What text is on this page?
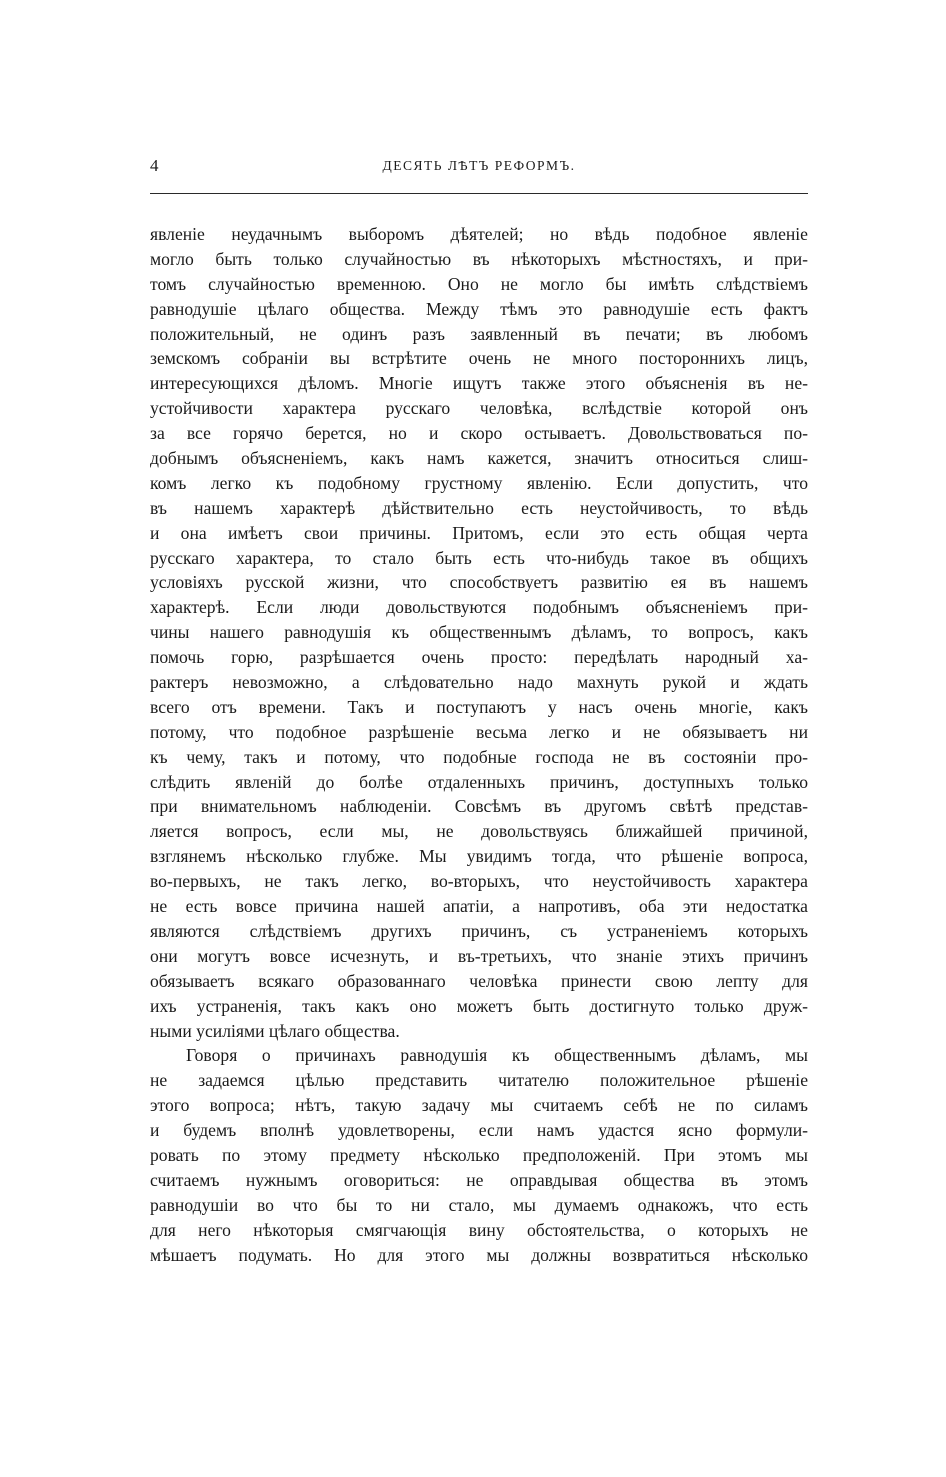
4	ДЕСЯТЬ ЛѢТЪ РЕФОРМЪ.
явленіе неудачнымъ выборомъ дѣятелей; но вѣдь подобное явленіе
могло быть только случайностью въ нѣкоторыхъ мѣстностяхъ, и при-
томъ случайностью временною. Оно не могло бы имѣть слѣдствіемъ
равнодушіе цѣлаго общества. Между тѣмъ это равнодушіе есть фактъ
положительный, не одинъ разъ заявленный въ печати; въ любомъ
земскомъ собраніи вы встрѣтите очень не много постороннихъ лицъ,
интересующихся дѣломъ. Многіе ищутъ также этого объясненія въ не-
устойчивости характера русскаго человѣка, вслѣдствіе которой онъ
за все горячо берется, но и скоро остываетъ. Довольствоваться по-
добнымъ объясненіемъ, какъ намъ кажется, значитъ относиться слиш-
комъ легко къ подобному грустному явленію. Если допустить, что
въ нашемъ характерѣ дѣйствительно есть неустойчивость, то вѣдь
и она имѣетъ свои причины. Притомъ, если это есть общая черта
русскаго характера, то стало быть есть что-нибудь такое въ общихъ
условіяхъ русской жизни, что способствуетъ развитію ея въ нашемъ
характерѣ. Если люди довольствуются подобнымъ объясненіемъ при-
чины нашего равнодушія къ общественнымъ дѣламъ, то вопросъ, какъ
помочь горю, разрѣшается очень просто: передѣлать народный ха-
рактеръ невозможно, а слѣдовательно надо махнуть рукой и ждать
всего отъ времени. Такъ и поступаютъ у насъ очень многіе, какъ
потому, что подобное разрѣшеніе весьма легко и не обязываетъ ни
къ чему, такъ и потому, что подобные господа не въ состояніи про-
слѣдить явленій до болѣе отдаленныхъ причинъ, доступныхъ только
при внимательномъ наблюденіи. Совсѣмъ въ другомъ свѣтѣ представ-
ляется вопросъ, если мы, не довольствуясь ближайшей причиной,
взглянемъ нѣсколько глубже. Мы увидимъ тогда, что рѣшеніе вопроса,
во-первыхъ, не такъ легко, во-вторыхъ, что неустойчивость характера
не есть вовсе причина нашей апатіи, а напротивъ, оба эти недостатка
являются слѣдствіемъ другихъ причинъ, съ устраненіемъ которыхъ
они могутъ вовсе исчезнуть, и въ-третьихъ, что знаніе этихъ причинъ
обязываетъ всякаго образованнаго человѣка принести свою лепту для
ихъ устраненія, такъ какъ оно можетъ быть достигнуто только друж-
ными усиліями цѣлаго общества.
Говоря о причинахъ равнодушія къ общественнымъ дѣламъ, мы
не задаемся цѣлью представить читателю положительное рѣшеніе
этого вопроса; нѣтъ, такую задачу мы считаемъ себѣ не по силамъ
и будемъ вполнѣ удовлетворены, если намъ удастся ясно формули-
ровать по этому предмету нѣсколько предположеній. При этомъ мы
считаемъ нужнымъ оговориться: не оправдывая общества въ этомъ
равнодушіи во что бы то ни стало, мы думаемъ однакожъ, что есть
для него нѣкоторыя смягчающія вину обстоятельства, о которыхъ не
мѣшаетъ подумать. Но для этого мы должны возвратиться нѣсколько
